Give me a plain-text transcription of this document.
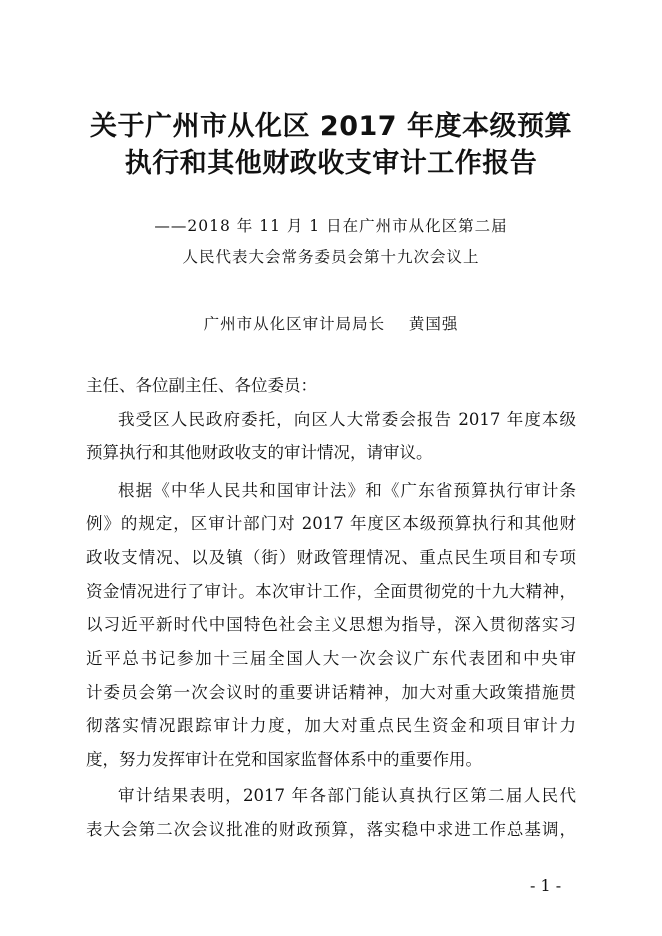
关于广州市从化区 2017 年度本级预算
执行和其他财政收支审计工作报告
——2018 年 11 月 1 日在广州市从化区第二届
人民代表大会常务委员会第十九次会议上
广州市从化区审计局局长    黄国强
主任、各位副主任、各位委员：
我受区人民政府委托，向区人大常委会报告 2017 年度本级
预算执行和其他财政收支的审计情况，请审议。
根据《中华人民共和国审计法》和《广东省预算执行审计条
例》的规定，区审计部门对 2017 年度区本级预算执行和其他财
政收支情况、以及镇（街）财政管理情况、重点民生项目和专项
资金情况进行了审计。本次审计工作，全面贯彻党的十九大精神，
以习近平新时代中国特色社会主义思想为指导，深入贯彻落实习
近平总书记参加十三届全国人大一次会议广东代表团和中央审
计委员会第一次会议时的重要讲话精神，加大对重大政策措施贯
彻落实情况跟踪审计力度，加大对重点民生资金和项目审计力
度，努力发挥审计在党和国家监督体系中的重要作用。
审计结果表明，2017 年各部门能认真执行区第二届人民代
表大会第二次会议批准的财政预算，落实稳中求进工作总基调，
- 1 -
